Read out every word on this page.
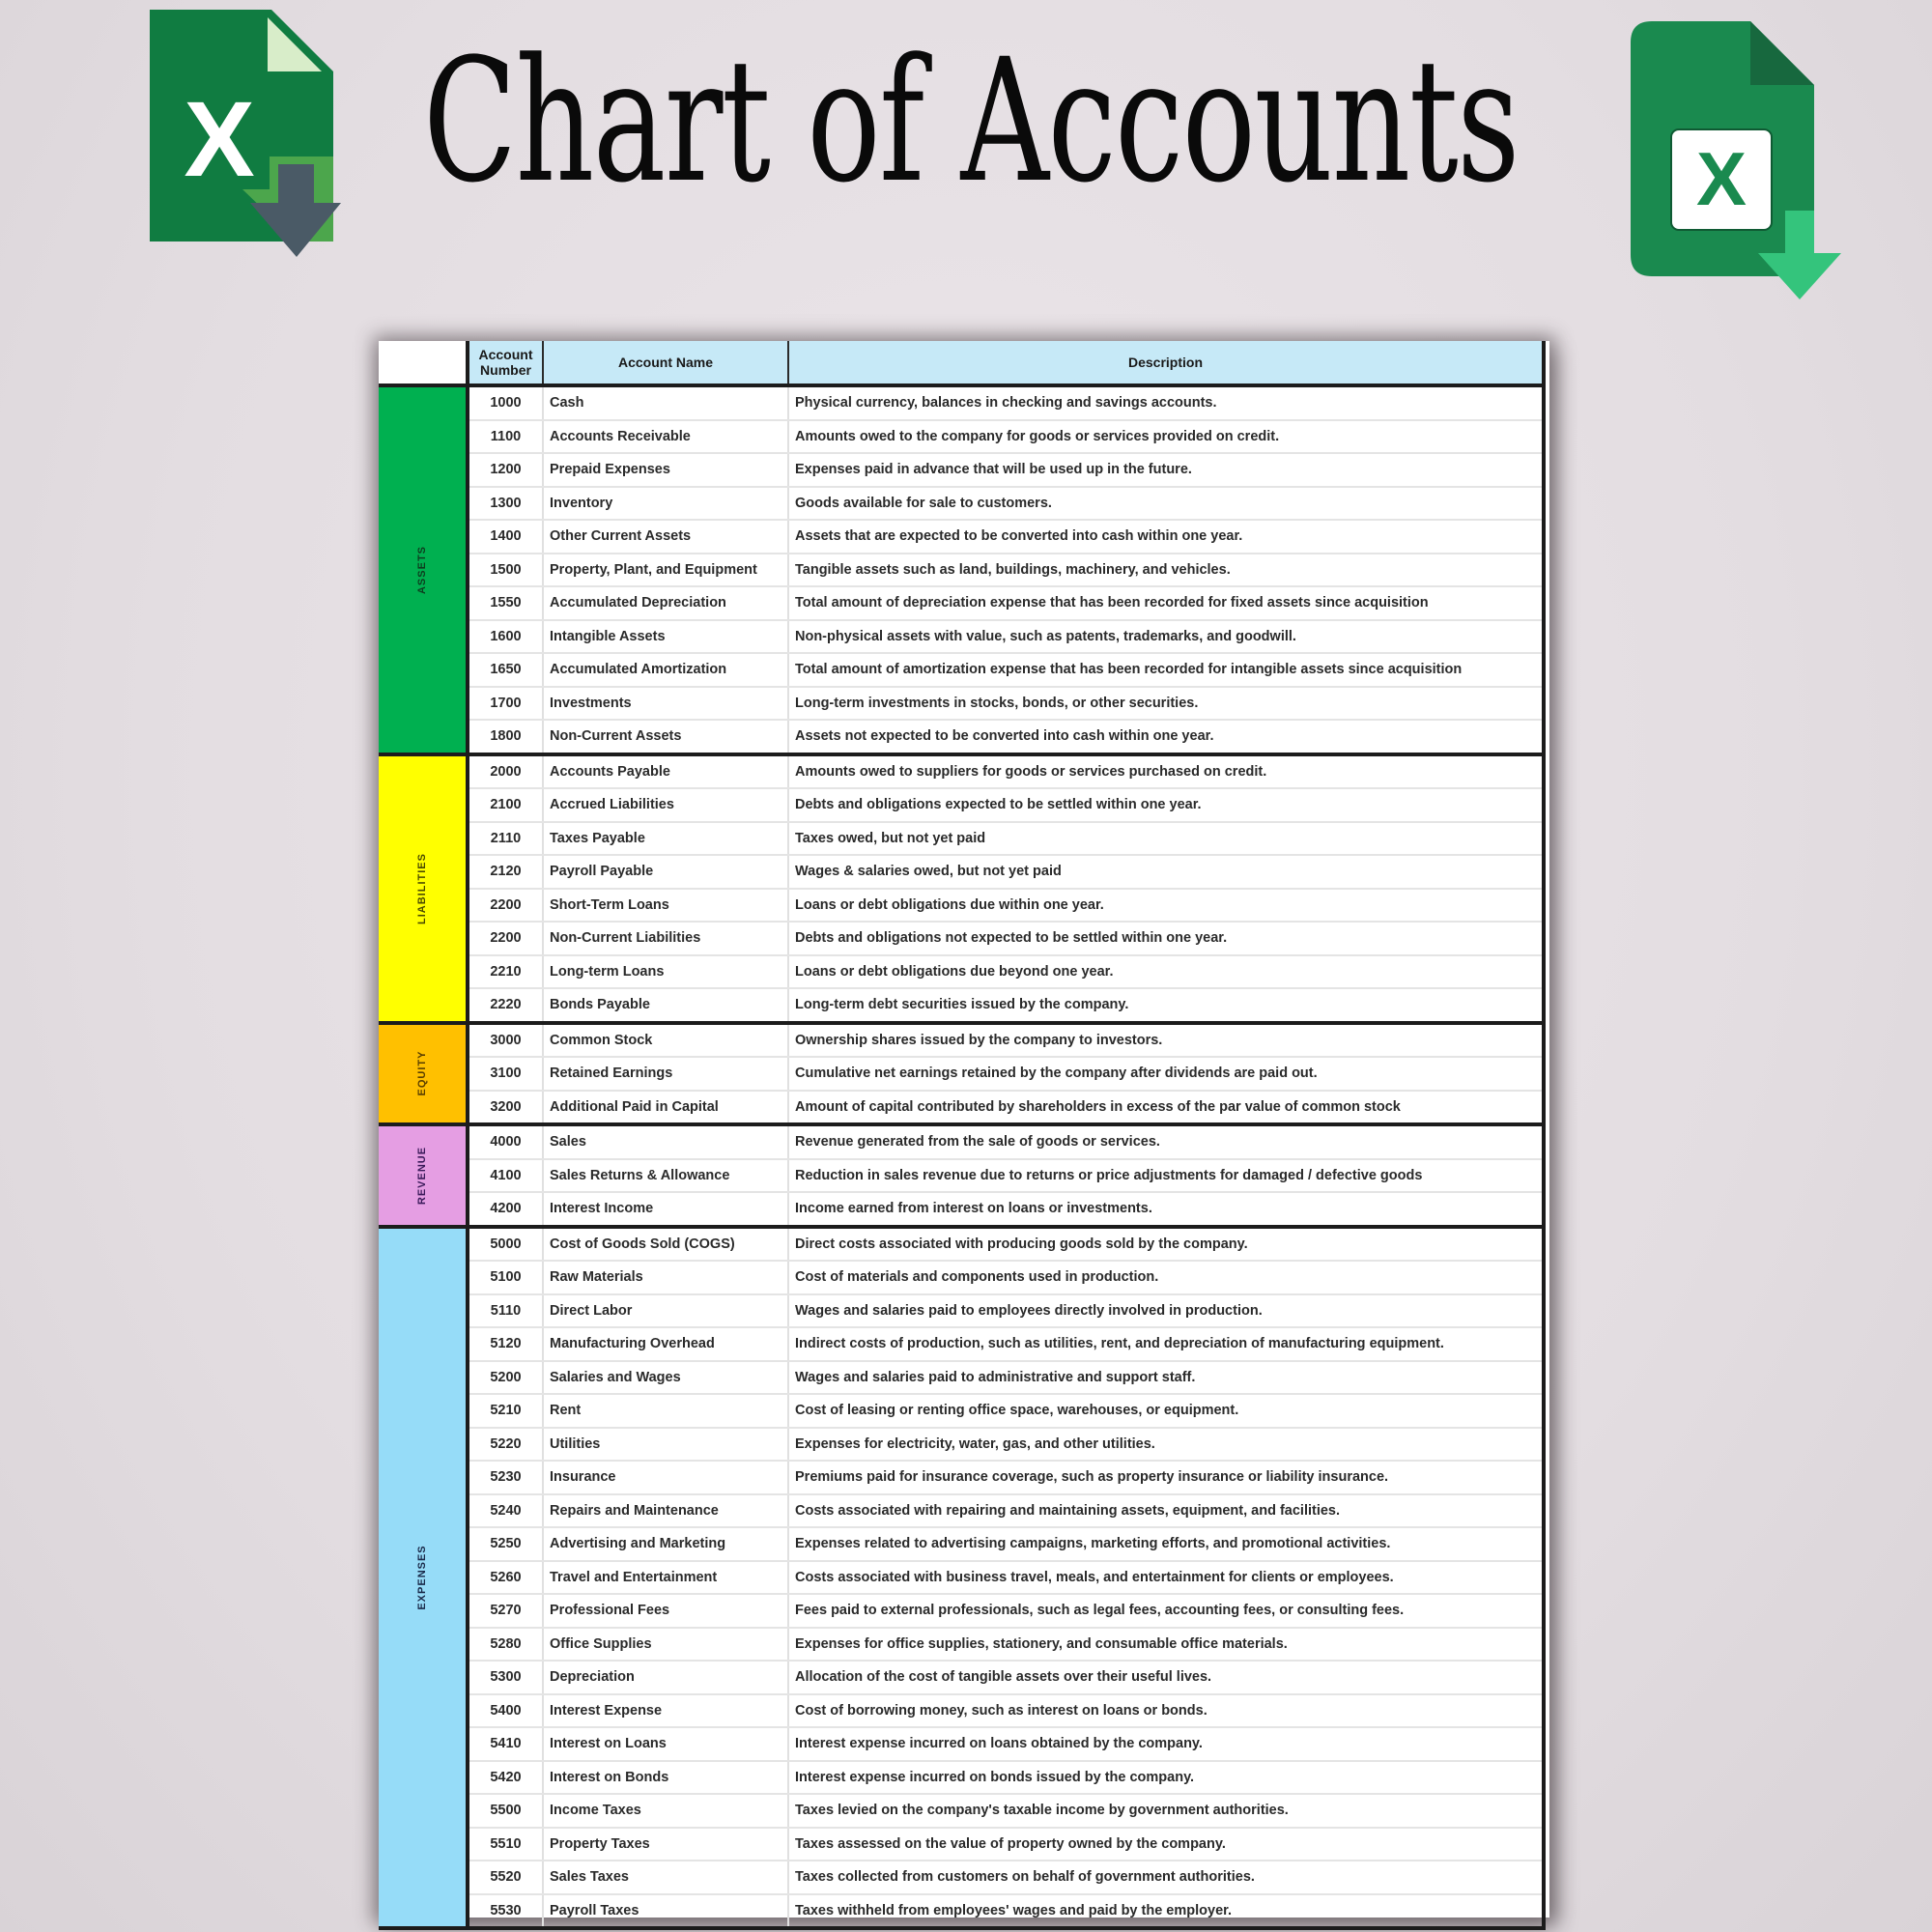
X Chart of Accounts X
	Account Number	Account Name	Description

ASSETS	1000	Cash	Physical currency, balances in checking and savings accounts.
	1100	Accounts Receivable	Amounts owed to the company for goods or services provided on credit.
	1200	Prepaid Expenses	Expenses paid in advance that will be used up in the future.
	1300	Inventory	Goods available for sale to customers.
	1400	Other Current Assets	Assets that are expected to be converted into cash within one year.
	1500	Property, Plant, and Equipment	Tangible assets such as land, buildings, machinery, and vehicles.
	1550	Accumulated Depreciation	Total amount of depreciation expense that has been recorded for fixed assets since acquisition
	1600	Intangible Assets	Non-physical assets with value, such as patents, trademarks, and goodwill.
	1650	Accumulated Amortization	Total amount of amortization expense that has been recorded for intangible assets since acquisition
	1700	Investments	Long-term investments in stocks, bonds, or other securities.
	1800	Non-Current Assets	Assets not expected to be converted into cash within one year.

LIABILITIES	2000	Accounts Payable	Amounts owed to suppliers for goods or services purchased on credit.
	2100	Accrued Liabilities	Debts and obligations expected to be settled within one year.
	2110	Taxes Payable	Taxes owed, but not yet paid
	2120	Payroll Payable	Wages & salaries owed, but not yet paid
	2200	Short-Term Loans	Loans or debt obligations due within one year.
	2200	Non-Current Liabilities	Debts and obligations not expected to be settled within one year.
	2210	Long-term Loans	Loans or debt obligations due beyond one year.
	2220	Bonds Payable	Long-term debt securities issued by the company.

EQUITY	3000	Common Stock	Ownership shares issued by the company to investors.
	3100	Retained Earnings	Cumulative net earnings retained by the company after dividends are paid out.
	3200	Additional Paid in Capital	Amount of capital contributed by shareholders in excess of the par value of common stock

REVENUE	4000	Sales	Revenue generated from the sale of goods or services.
	4100	Sales Returns & Allowance	Reduction in sales revenue due to returns or price adjustments for damaged / defective goods
	4200	Interest Income	Income earned from interest on loans or investments.

EXPENSES	5000	Cost of Goods Sold (COGS)	Direct costs associated with producing goods sold by the company.
	5100	Raw Materials	Cost of materials and components used in production.
	5110	Direct Labor	Wages and salaries paid to employees directly involved in production.
	5120	Manufacturing Overhead	Indirect costs of production, such as utilities, rent, and depreciation of manufacturing equipment.
	5200	Salaries and Wages	Wages and salaries paid to administrative and support staff.
	5210	Rent	Cost of leasing or renting office space, warehouses, or equipment.
	5220	Utilities	Expenses for electricity, water, gas, and other utilities.
	5230	Insurance	Premiums paid for insurance coverage, such as property insurance or liability insurance.
	5240	Repairs and Maintenance	Costs associated with repairing and maintaining assets, equipment, and facilities.
	5250	Advertising and Marketing	Expenses related to advertising campaigns, marketing efforts, and promotional activities.
	5260	Travel and Entertainment	Costs associated with business travel, meals, and entertainment for clients or employees.
	5270	Professional Fees	Fees paid to external professionals, such as legal fees, accounting fees, or consulting fees.
	5280	Office Supplies	Expenses for office supplies, stationery, and consumable office materials.
	5300	Depreciation	Allocation of the cost of tangible assets over their useful lives.
	5400	Interest Expense	Cost of borrowing money, such as interest on loans or bonds.
	5410	Interest on Loans	Interest expense incurred on loans obtained by the company.
	5420	Interest on Bonds	Interest expense incurred on bonds issued by the company.
	5500	Income Taxes	Taxes levied on the company's taxable income by government authorities.
	5510	Property Taxes	Taxes assessed on the value of property owned by the company.
	5520	Sales Taxes	Taxes collected from customers on behalf of government authorities.
	5530	Payroll Taxes	Taxes withheld from employees' wages and paid by the employer.
